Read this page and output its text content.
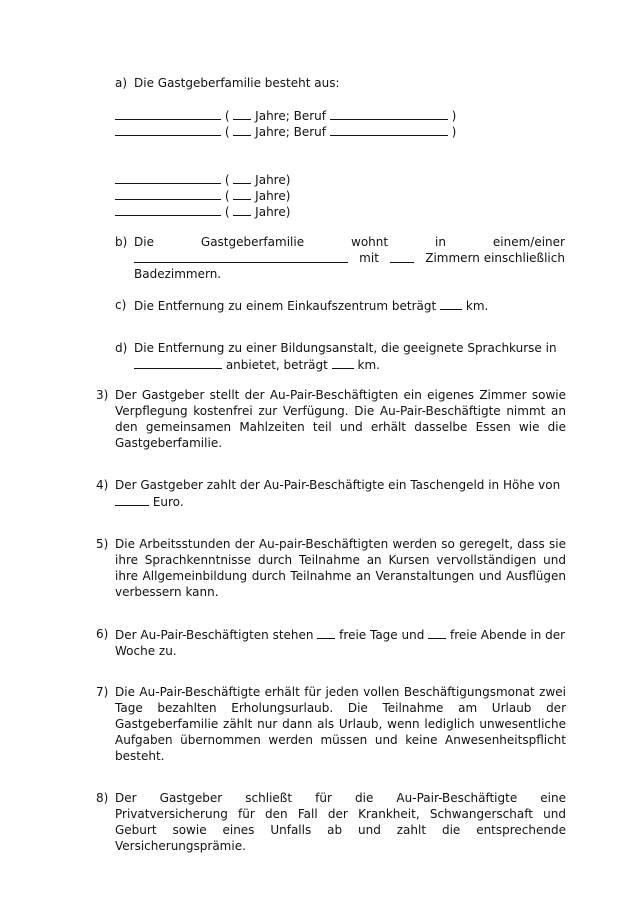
a) Die Gastgeberfamilie besteht aus:
( Jahre; Beruf	)
( Jahre; Beruf	)
( Jahre)
( Jahre)
( Jahre)
b) Die	Gastgeberfamilie	wohnt	in	einem/einer
mit	Zimmern einschließlich
Badezimmern.
c) Die Entfernung zu einem Einkaufszentrum beträgt km.
d) Die Entfernung zu einer Bildungsanstalt, die geeignete Sprachkurse in
anbietet, beträgt km.
3) Der Gastgeber stellt der Au-Pair-Beschäftigten ein eigenes Zimmer sowie Verpflegung kostenfrei zur Verfügung. Die Au-Pair-Beschäftigte nimmt an den gemeinsamen Mahlzeiten teil und erhält dasselbe Essen wie die Gastgeberfamilie.
4) Der Gastgeber zahlt der Au-Pair-Beschäftigte ein Taschengeld in Höhe von
Euro.
5) Die Arbeitsstunden der Au-pair-Beschäftigten werden so geregelt, dass sie ihre Sprachkenntnisse durch Teilnahme an Kursen vervollständigen und ihre Allgemeinbildung durch Teilnahme an Veranstaltungen und Ausflügen verbessern kann.
6) Der Au-Pair-Beschäftigten stehen freie Tage und freie Abende in der
Woche zu.
7) Die Au-Pair-Beschäftigte erhält für jeden vollen Beschäftigungsmonat zwei Tage bezahlten Erholungsurlaub. Die Teilnahme am Urlaub der Gastgeberfamilie zählt nur dann als Urlaub, wenn lediglich unwesentliche Aufgaben übernommen werden müssen und keine Anwesenheitspflicht besteht.
8) Der Gastgeber schließt für die Au-Pair-Beschäftigte eine Privatversicherung für den Fall der Krankheit, Schwangerschaft und Geburt sowie eines Unfalls ab und zahlt die entsprechende Versicherungsprämie.
